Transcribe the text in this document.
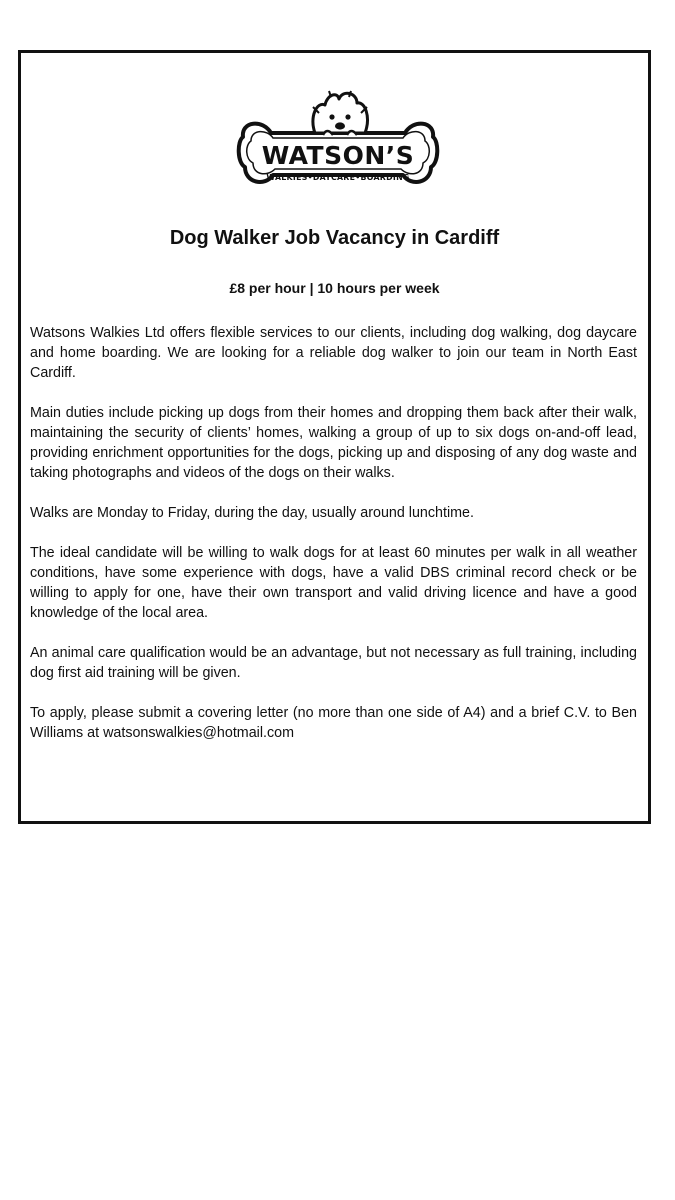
WATSON’S
WALKIES•DAYCARE•BOARDING
Dog Walker Job Vacancy in Cardiff
£8 per hour | 10 hours per week

Watsons Walkies Ltd offers flexible services to our clients, including dog walking, dog daycare and home boarding. We are looking for a reliable dog walker to join our team in North East Cardiff.

Main duties include picking up dogs from their homes and dropping them back after their walk, maintaining the security of clients’ homes, walking a group of up to six dogs on-and-off lead, providing enrichment opportunities for the dogs, picking up and disposing of any dog waste and taking photographs and videos of the dogs on their walks.

Walks are Monday to Friday, during the day, usually around lunchtime.

The ideal candidate will be willing to walk dogs for at least 60 minutes per walk in all weather conditions, have some experience with dogs, have a valid DBS criminal record check or be willing to apply for one, have their own transport and valid driving licence and have a good knowledge of the local area.

An animal care qualification would be an advantage, but not necessary as full training, including dog first aid training will be given.

To apply, please submit a covering letter (no more than one side of A4) and a brief C.V. to Ben Williams at watsonswalkies@hotmail.com
